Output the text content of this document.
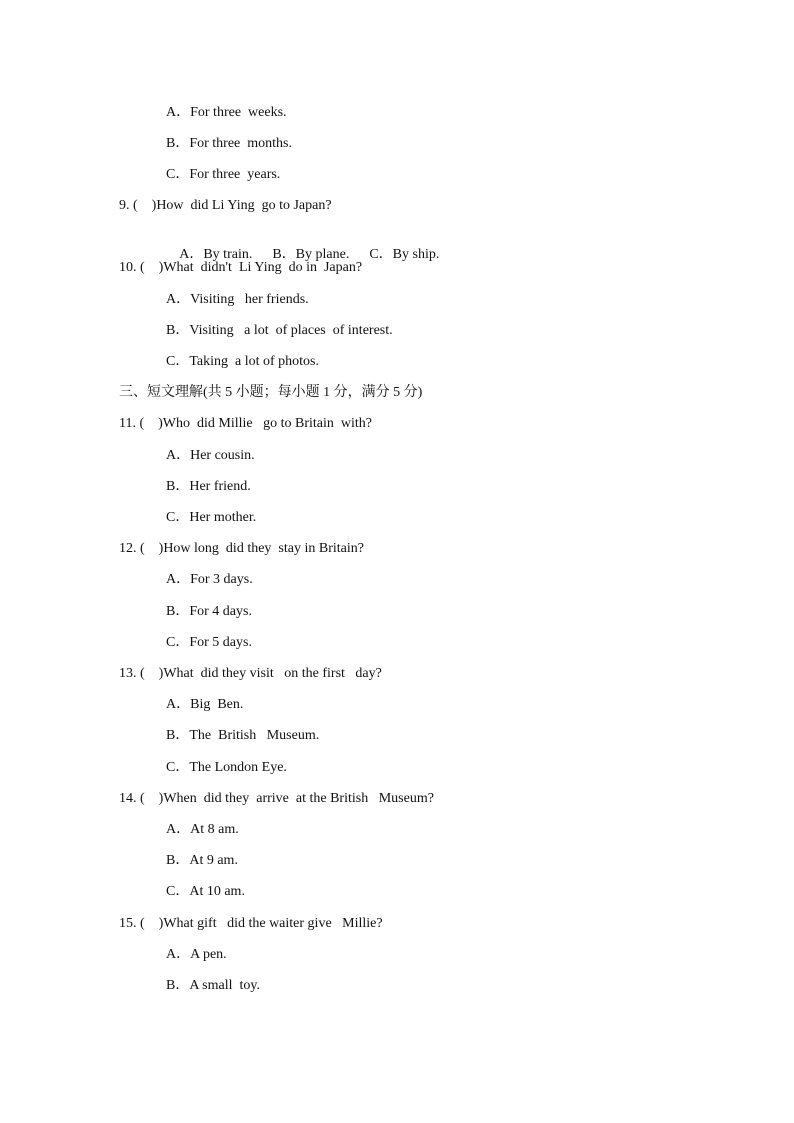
A．For three  weeks.
B．For three  months.
C．For three  years.
9. (    )How  did Li Ying  go to Japan?

A．By train. B．By plane. C．By ship.

10. (    )What  didn't  Li Ying  do in  Japan?
A．Visiting   her friends.
B．Visiting   a lot  of places  of interest.
C．Taking  a lot of photos.
三、短文理解(共 5 小题；每小题 1 分，满分 5 分)
11. (    )Who  did Millie   go to Britain  with?
A．Her cousin.
B．Her friend.
C．Her mother.
12. (    )How long  did they  stay in Britain?
A．For 3 days.
B．For 4 days.
C．For 5 days.
13. (    )What  did they visit   on the first   day?
A．Big  Ben.
B．The  British   Museum.
C．The London Eye.
14. (    )When  did they  arrive  at the British   Museum?
A．At 8 am.
B．At 9 am.
C．At 10 am.
15. (    )What gift   did the waiter give   Millie?
A．A pen.
B．A small  toy.
